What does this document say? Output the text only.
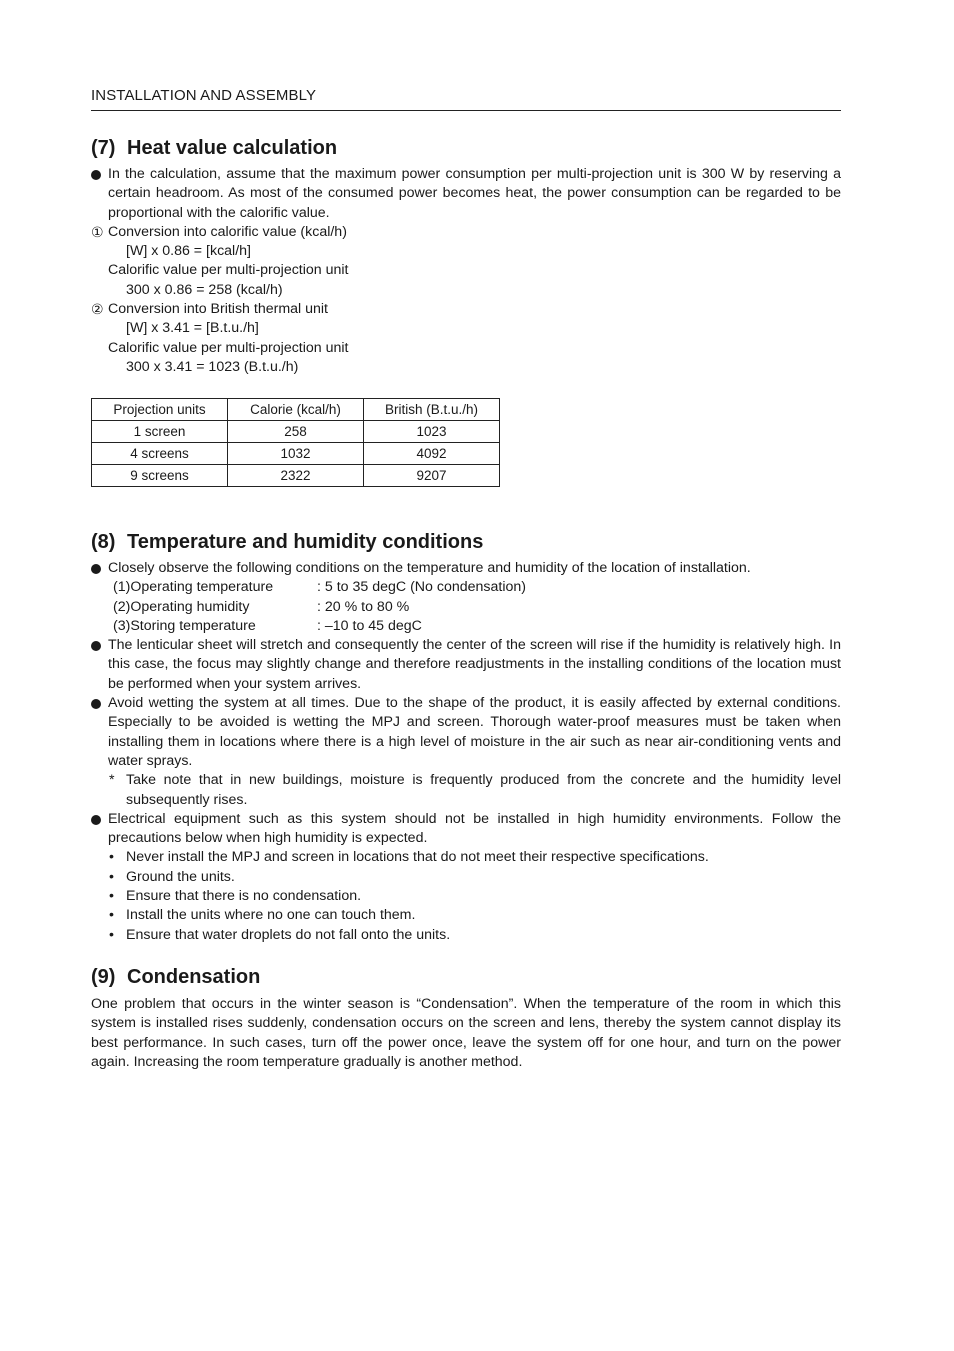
INSTALLATION AND ASSEMBLY
(7) Heat value calculation
In the calculation, assume that the maximum power consumption per multi-projection unit is 300 W by reserving a certain headroom. As most of the consumed power becomes heat, the power consumption can be regarded to be proportional with the calorific value.
① Conversion into calorific value (kcal/h)
[W] x 0.86 = [kcal/h]
Calorific value per multi-projection unit
300 x 0.86 = 258 (kcal/h)
② Conversion into British thermal unit
[W] x 3.41 = [B.t.u./h]
Calorific value per multi-projection unit
300 x 3.41 = 1023 (B.t.u./h)
Projection units	Calorie (kcal/h)	British (B.t.u./h)
1 screen	258	1023
4 screens	1032	4092
9 screens	2322	9207
(8) Temperature and humidity conditions
Closely observe the following conditions on the temperature and humidity of the location of installation.
(1)Operating temperature	: 5 to 35 degC (No condensation)
(2)Operating humidity	: 20 % to 80 %
(3)Storing temperature	: –10 to 45 degC
The lenticular sheet will stretch and consequently the center of the screen will rise if the humidity is relatively high. In this case, the focus may slightly change and therefore readjustments in the installing conditions of the location must be performed when your system arrives.
Avoid wetting the system at all times. Due to the shape of the product, it is easily affected by external conditions. Especially to be avoided is wetting the MPJ and screen. Thorough water-proof measures must be taken when installing them in locations where there is a high level of moisture in the air such as near air-conditioning vents and water sprays.
* Take note that in new buildings, moisture is frequently produced from the concrete and the humidity level subsequently rises.
Electrical equipment such as this system should not be installed in high humidity environments. Follow the precautions below when high humidity is expected.
• Never install the MPJ and screen in locations that do not meet their respective specifications.
• Ground the units.
• Ensure that there is no condensation.
• Install the units where no one can touch them.
• Ensure that water droplets do not fall onto the units.
(9) Condensation
One problem that occurs in the winter season is “Condensation”. When the temperature of the room in which this system is installed rises suddenly, condensation occurs on the screen and lens, thereby the system cannot display its best performance. In such cases, turn off the power once, leave the system off for one hour, and turn on the power again. Increasing the room temperature gradually is another method.
